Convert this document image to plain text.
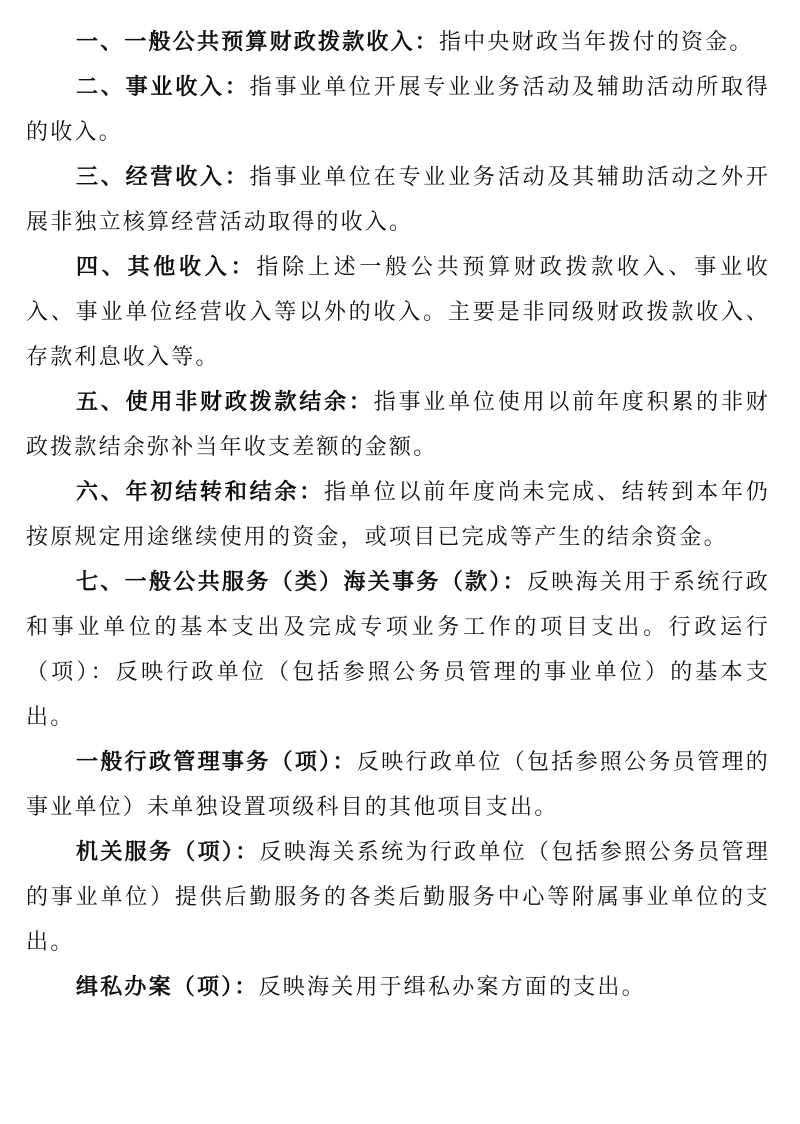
一、一般公共预算财政拨款收入：指中央财政当年拨付的资金。

二、事业收入：指事业单位开展专业业务活动及辅助活动所取得的收入。

三、经营收入：指事业单位在专业业务活动及其辅助活动之外开展非独立核算经营活动取得的收入。

四、其他收入：指除上述一般公共预算财政拨款收入、事业收入、事业单位经营收入等以外的收入。主要是非同级财政拨款收入、存款利息收入等。

五、使用非财政拨款结余：指事业单位使用以前年度积累的非财政拨款结余弥补当年收支差额的金额。

六、年初结转和结余：指单位以前年度尚未完成、结转到本年仍按原规定用途继续使用的资金，或项目已完成等产生的结余资金。

七、一般公共服务（类）海关事务（款）：反映海关用于系统行政和事业单位的基本支出及完成专项业务工作的项目支出。行政运行（项）：反映行政单位（包括参照公务员管理的事业单位）的基本支出。

一般行政管理事务（项）：反映行政单位（包括参照公务员管理的事业单位）未单独设置项级科目的其他项目支出。

机关服务（项）：反映海关系统为行政单位（包括参照公务员管理的事业单位）提供后勤服务的各类后勤服务中心等附属事业单位的支出。

缉私办案（项）：反映海关用于缉私办案方面的支出。
